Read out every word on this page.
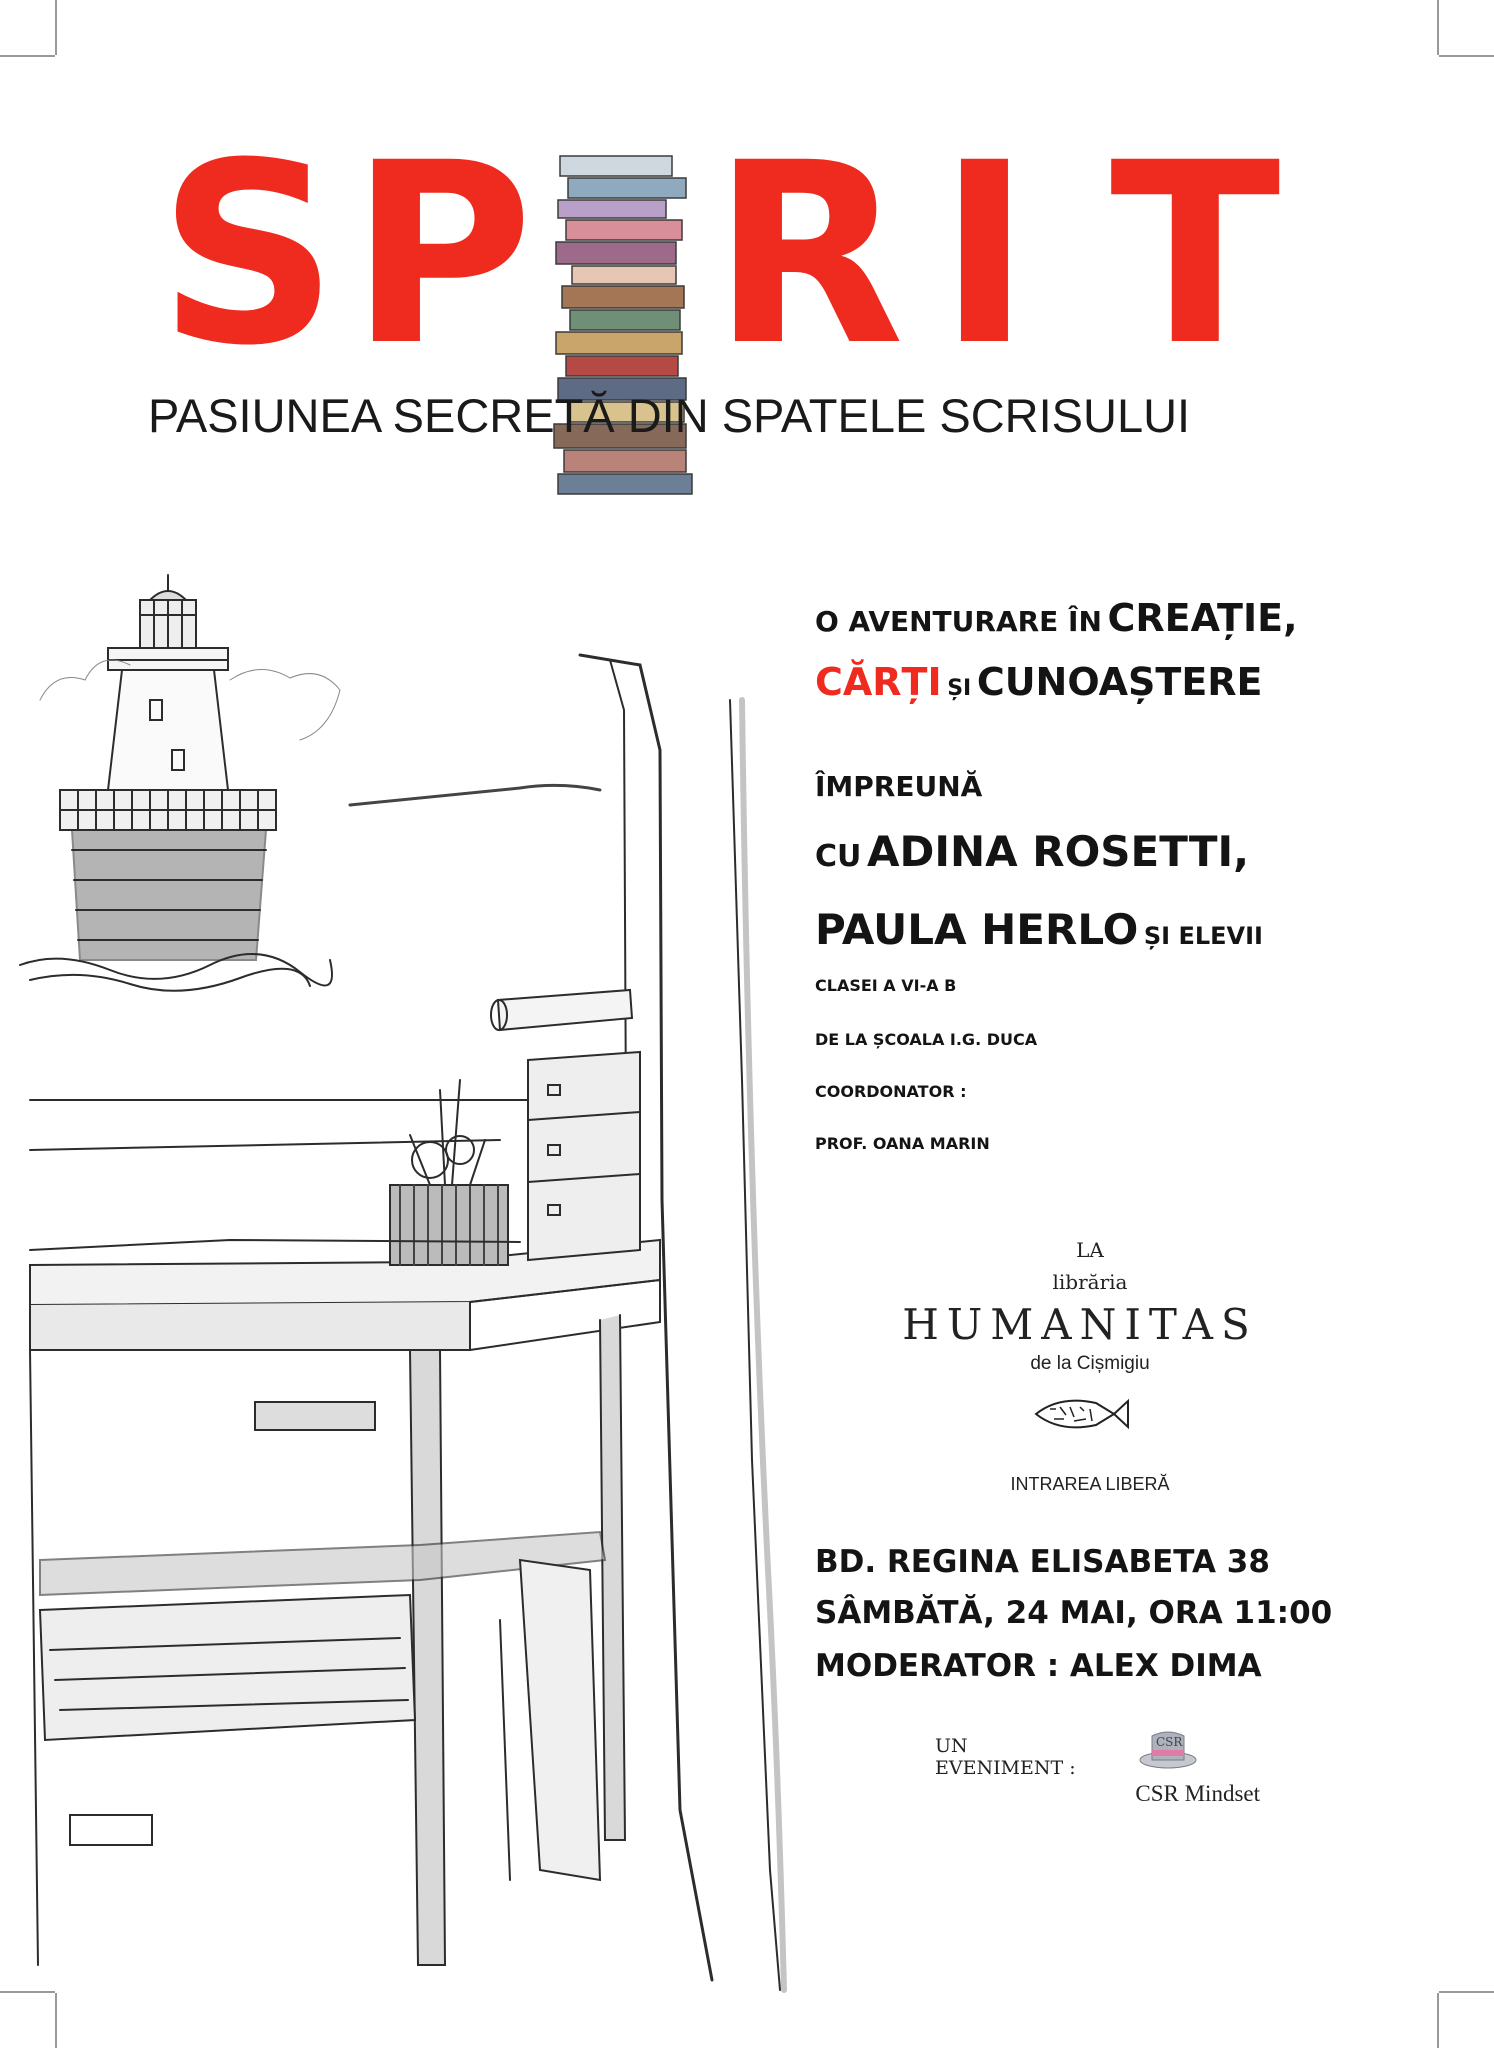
S P R I T
PASIUNEA SECRETĂ DIN SPATELE SCRISULUI
O AVENTURARE ÎN CREAȚIE,
CĂRȚI ȘI CUNOAȘTERE
ÎMPREUNĂ
CU ADINA ROSETTI,
PAULA HERLO ȘI ELEVII
CLASEI A VI-A B
DE LA ȘCOALA I.G. DUCA
COORDONATOR :
PROF. OANA MARIN
LA
librăria
HUMANITAS
de la Cișmigiu
INTRAREA LIBERĂ
BD. REGINA ELISABETA 38
SÂMBĂTĂ, 24 MAI, ORA 11:00
MODERATOR : ALEX DIMA
UN EVENIMENT :
CSR
CSR Mindset
